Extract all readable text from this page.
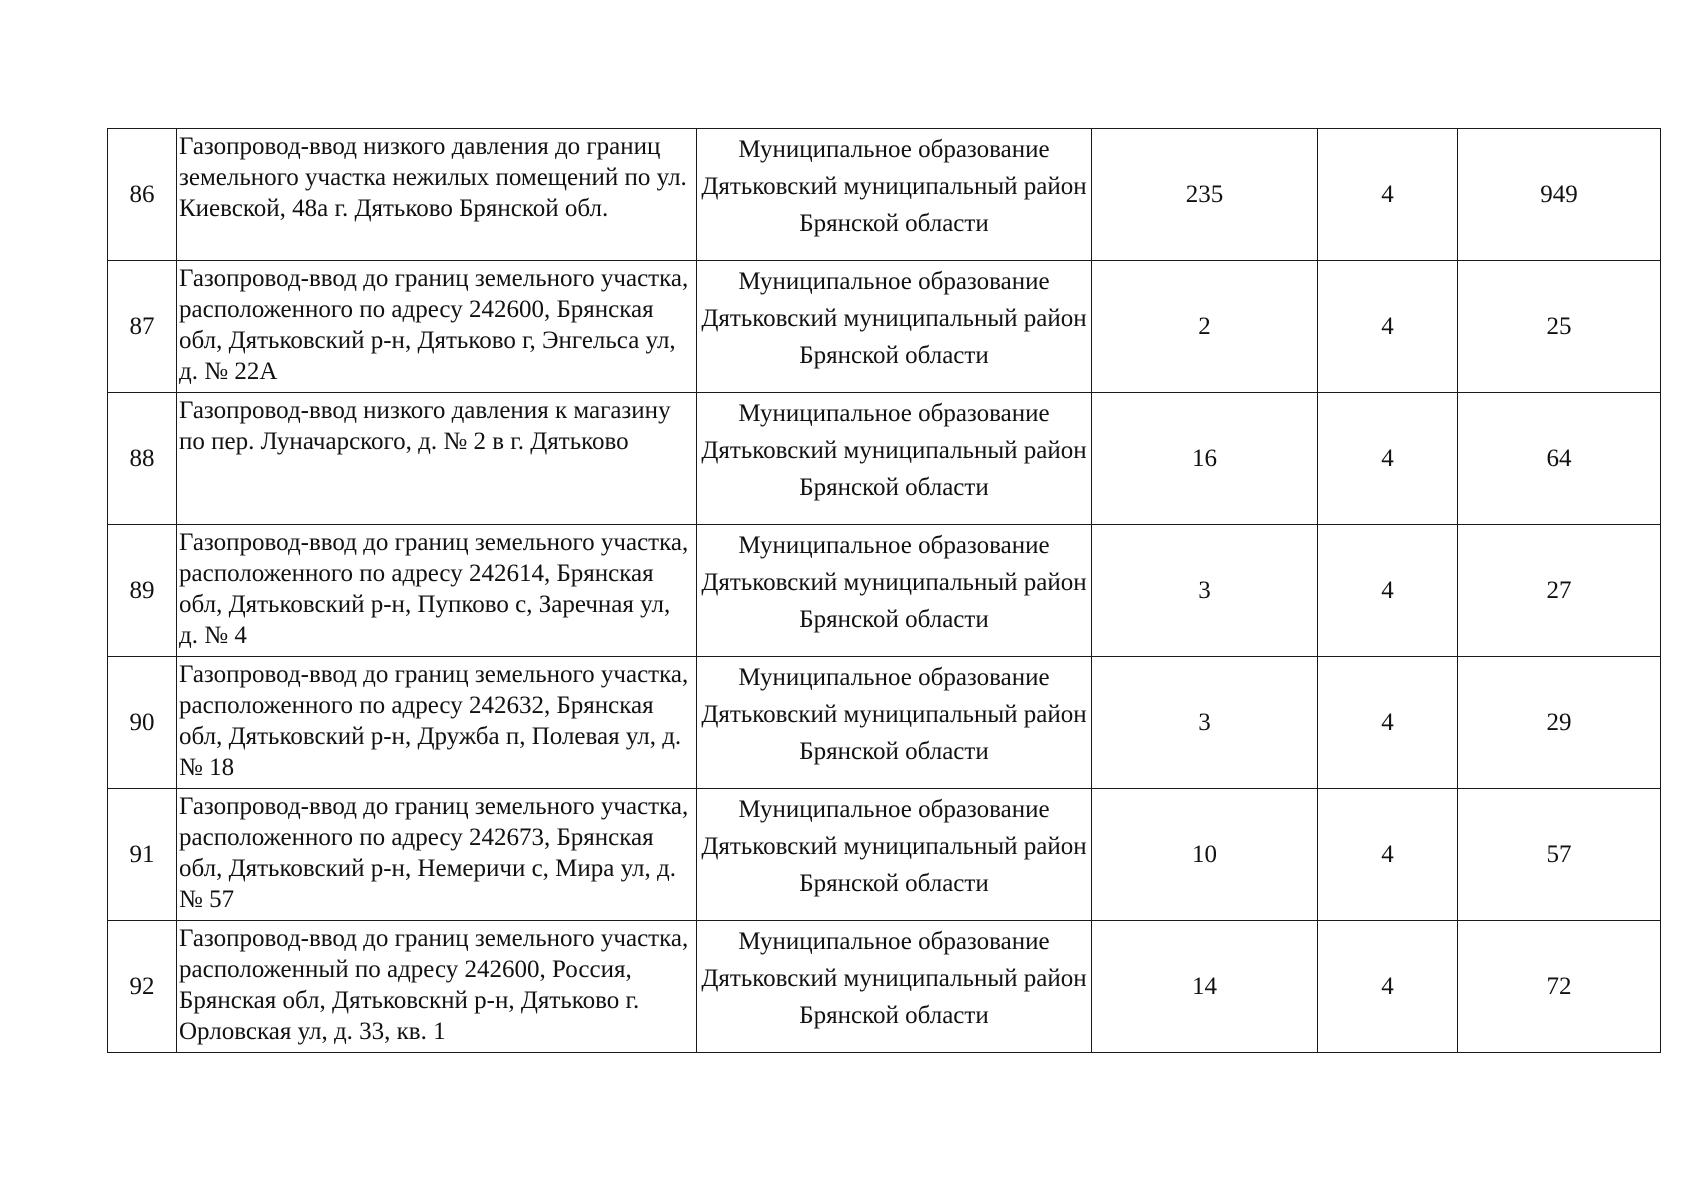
86	Газопровод-ввод низкого давления до границ земельного участка нежилых помещений по ул. Киевской, 48а г. Дятьково Брянской обл.	Муниципальное образование Дятьковский муниципальный район Брянской области	235	4	949
87	Газопровод-ввод до границ земельного участка, расположенного по адресу 242600, Брянская обл, Дятьковский р-н, Дятьково г, Энгельса ул, д. № 22А	Муниципальное образование Дятьковский муниципальный район Брянской области	2	4	25
88	Газопровод-ввод низкого давления к магазину по пер. Луначарского, д. № 2 в г. Дятьково	Муниципальное образование Дятьковский муниципальный район Брянской области	16	4	64
89	Газопровод-ввод до границ земельного участка, расположенного по адресу 242614, Брянская обл, Дятьковский р-н, Пупково с, Заречная ул, д. № 4	Муниципальное образование Дятьковский муниципальный район Брянской области	3	4	27
90	Газопровод-ввод до границ земельного участка, расположенного по адресу 242632, Брянская обл, Дятьковский р-н, Дружба п, Полевая ул, д. № 18	Муниципальное образование Дятьковский муниципальный район Брянской области	3	4	29
91	Газопровод-ввод до границ земельного участка, расположенного по адресу 242673, Брянская обл, Дятьковский р-н, Немеричи с, Мира ул, д. № 57	Муниципальное образование Дятьковский муниципальный район Брянской области	10	4	57
92	Газопровод-ввод до границ земельного участка, расположенный по адресу 242600, Россия, Брянская обл, Дятьковскнй р-н, Дятьково г. Орловская ул, д. 33, кв. 1	Муниципальное образование Дятьковский муниципальный район Брянской области	14	4	72
